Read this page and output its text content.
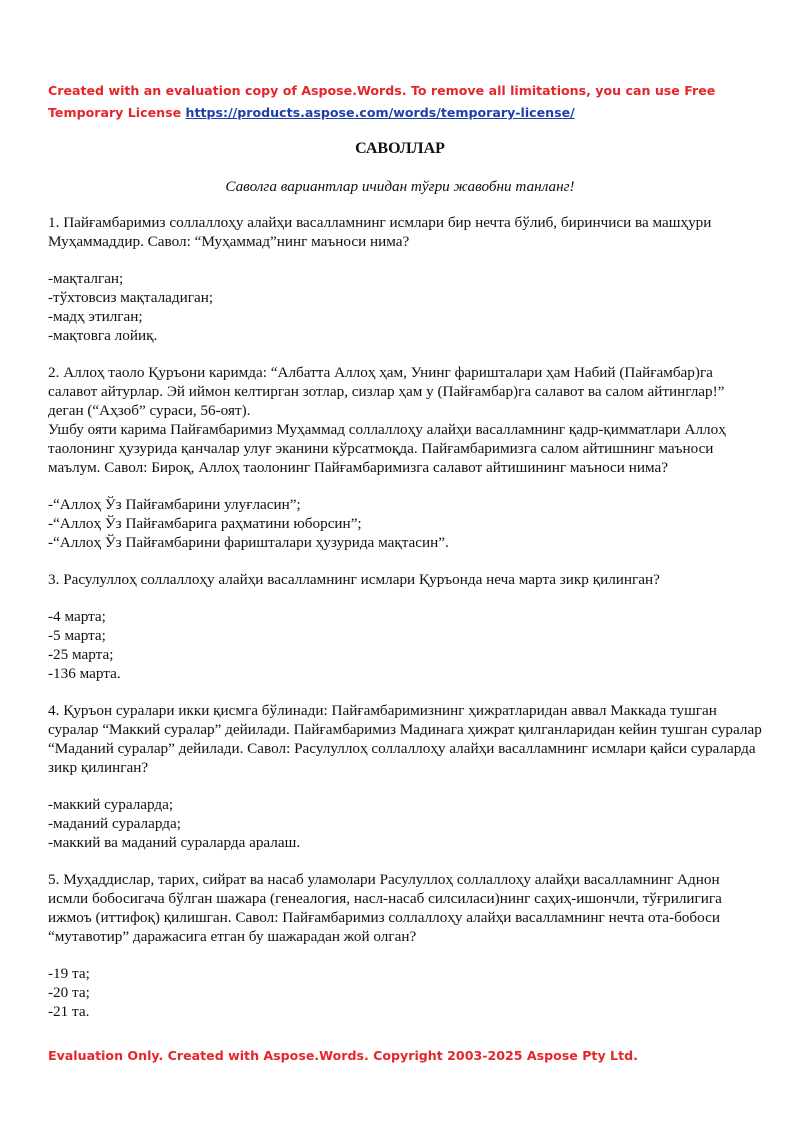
Created with an evaluation copy of Aspose.Words. To remove all limitations, you can use Free Temporary License https://products.aspose.com/words/temporary-license/
САВОЛЛАР
Саволга вариантлар ичидан тўғри жавобни танланг!

1. Пайғамбаримиз соллаллоҳу алайҳи васалламнинг исмлари бир нечта бўлиб, биринчиси ва машҳури Муҳаммаддир. Савол: “Муҳаммад”нинг маъноси нима?

-мақталган;
-тўхтовсиз мақталадиган;
-мадҳ этилган;
-мақтовга лойиқ.

2. Аллоҳ таоло Қуръони каримда: “Албатта Аллоҳ ҳам, Унинг фаришталари ҳам Набий (Пайғамбар)га салавот айтурлар. Эй иймон келтирган зотлар, сизлар ҳам у (Пайғамбар)га салавот ва салом айтинглар!” деган (“Аҳзоб” сураси, 56-оят).

Ушбу ояти карима Пайғамбаримиз Муҳаммад соллаллоҳу алайҳи васалламнинг қадр-қимматлари Аллоҳ таолонинг ҳузурида қанчалар улуғ эканини кўрсатмоқда. Пайғамбаримизга салом айтишнинг маъноси маълум. Савол: Бироқ, Аллоҳ таолонинг Пайғамбаримизга салавот айтишининг маъноси нима?

-“Аллоҳ Ўз Пайғамбарини улуғласин”;
-“Аллоҳ Ўз Пайғамбарига раҳматини юборсин”;
-“Аллоҳ Ўз Пайғамбарини фаришталари ҳузурида мақтасин”.

3. Расулуллоҳ соллаллоҳу алайҳи васалламнинг исмлари Қуръонда неча марта зикр қилинган?

-4 марта;
-5 марта;
-25 марта;
-136 марта.

4. Қуръон суралари икки қисмга бўлинади: Пайғамбаримизнинг ҳижратларидан аввал Маккада тушган суралар “Маккий суралар” дейилади. Пайғамбаримиз Мадинага ҳижрат қилганларидан кейин тушган суралар “Маданий суралар” дейилади. Савол: Расулуллоҳ соллаллоҳу алайҳи васалламнинг исмлари қайси сураларда зикр қилинган?

-маккий сураларда;
-маданий сураларда;
-маккий ва маданий сураларда аралаш.

5. Муҳаддислар, тарих, сийрат ва насаб уламолари Расулуллоҳ соллаллоҳу алайҳи васалламнинг Аднон исмли бобосигача бўлган шажара (генеалогия, насл-насаб силсиласи)нинг саҳиҳ-ишончли, тўғрилигига ижмоъ (иттифоқ) қилишган. Савол: Пайғамбаримиз соллаллоҳу алайҳи васалламнинг нечта ота-бобоси “мутавотир” даражасига етган бу шажарадан жой олган?

-19 та;
-20 та;
-21 та.
Evaluation Only. Created with Aspose.Words. Copyright 2003-2025 Aspose Pty Ltd.
